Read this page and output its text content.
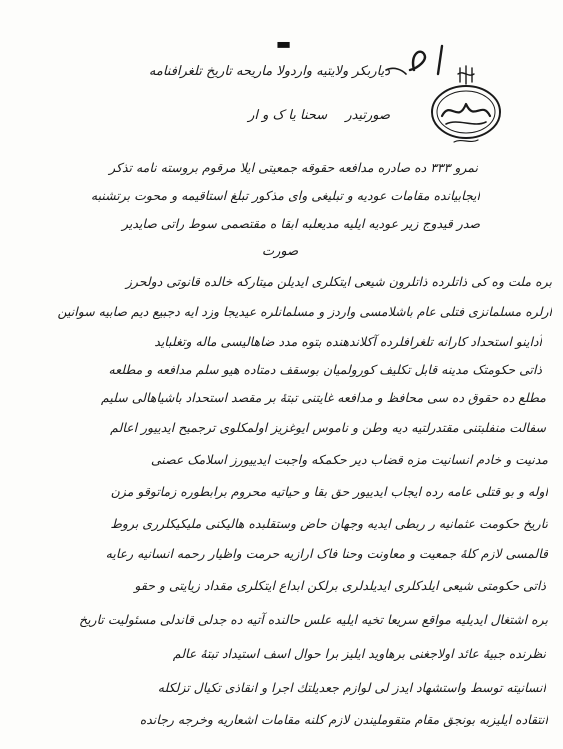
▬
دیاربکر ولایتیه واردولا ماریحه تاریخ تلغرافنامه
صورتیدر سحنا یا ک و ار
نمرو ٣٣٣ ده صادره مدافعه حقوقه جمعیتی ایلا مرقوم بروسته نامه تذکر
ایجابیانده مقامات عودیه و تبلیغی وای مذکور تبلغ استاقیمه و محوت برتشنبه
صدر قیدوج زیر عودیه ایلیه مدیعلبه ابقا ه مقتصمی سوط راتی صایدیر
صورت
بره ملت وه کی ذاتلرده ذاتلرون شیعی ایتکلری ایدیلن میتارکه خالده قانوتی دولحرز
ارلره مسلمانزی فتلی عام باشلامسی واردز و مسلمانلره عیدیجا وزد ایه دجبیع دیم صابیه سوانین
آداینو استحداد کارانه تلغرافلرده آکلاندهنده بتوه مدد ضاهالیسی ماله وتغلباید
ذاتی حکومتک مدینه قابل تکلیف کورولمیان بوسقف دمتاده هیو سلم مدافعه و مطلعه
مطلع ده حقوق ده سی محافظ و مدافعه غایتنی تبتهٔ بر مقصد استحداد باشیاهالی سلیم
سفالت منفلبتنی مقتدرلتیه دیه وطن و ناموس ایوغزیز اولمکلوی ترجمیح ایدییور اعالم
مدنیت و خادم انسانیت مزه قضاب دیر حکمکه واجبت ایدییورز اسلامک عصنی
اوله و بو قتلی عامه رده ایجاب ایدییور حق بقا و حیاتیه محروم برابطوره زماتوقو مزن
تاریخ حکومت عثمانیه ر ربطی ایدیه وجهان حاض وستقلبده هالیکنی ملیکیکلرری بروط
قالمسی لازم کلهٔ جمعیت و معاونت وحنا فاک ارازیه حرمت واظیار رحمه انسانیه رعایه
ذاتی حکومتی شیعی ایلدکلری ایدیلدلری برلکن ابداع ایتکلری مقداد زیایتی و حقو
بره اشتغال ایدیلیه مواقع سریعا تخیه ایلیه علس حالنده آتیه ده جدلی قاندلی مسئولیت تاریخ
نظرنده جبیهٔ عائد اولاجغنی برهاوید ایلیز برا حوال اسف استیداد تبتهٔ عالم
انسانیته توسط واستشهاد ایدز لی لوازم جعدیلتك اجرا و انقاذی تکیال تزلکله
انتقاده ایلیزبه بونجق مقام متقوملیندن لازم کلنه مقامات اشعاریه وخرجه رجانده
